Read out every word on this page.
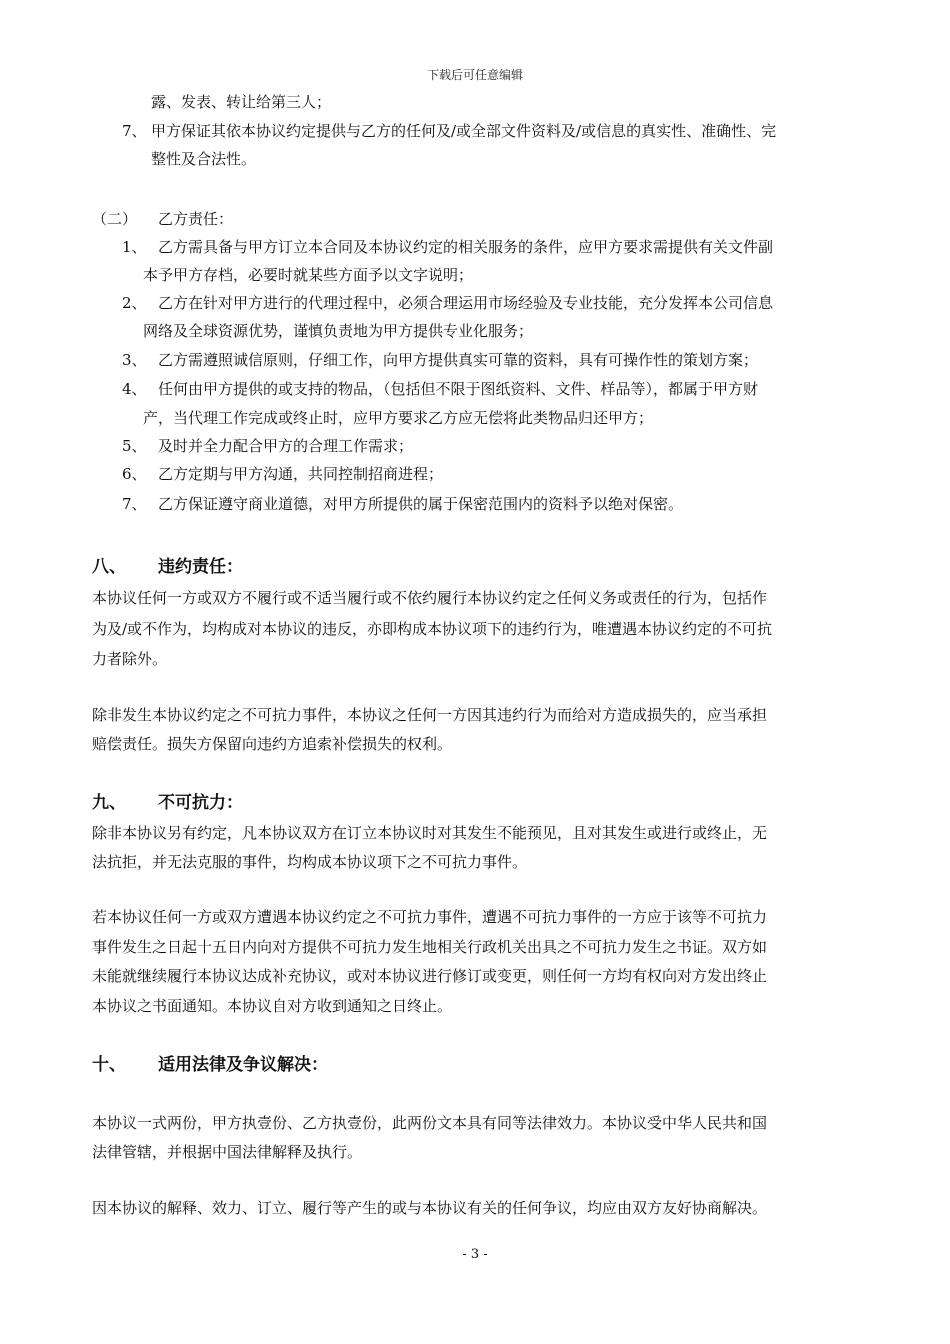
下载后可任意编辑
露、发表、转让给第三人；
7、 甲方保证其依本协议约定提供与乙方的任何及/或全部文件资料及/或信息的真实性、准确性、完
整性及合法性。
（二） 乙方责任：
1、 乙方需具备与甲方订立本合同及本协议约定的相关服务的条件，应甲方要求需提供有关文件副
本予甲方存档，必要时就某些方面予以文字说明；
2、 乙方在针对甲方进行的代理过程中，必须合理运用市场经验及专业技能，充分发挥本公司信息
网络及全球资源优势，谨慎负责地为甲方提供专业化服务；
3、 乙方需遵照诚信原则，仔细工作，向甲方提供真实可靠的资料，具有可操作性的策划方案；
4、 任何由甲方提供的或支持的物品，（包括但不限于图纸资料、文件、样品等），都属于甲方财
产，当代理工作完成或终止时，应甲方要求乙方应无偿将此类物品归还甲方；
5、 及时并全力配合甲方的合理工作需求；
6、 乙方定期与甲方沟通，共同控制招商进程；
7、 乙方保证遵守商业道德，对甲方所提供的属于保密范围内的资料予以绝对保密。
八、 违约责任：
本协议任何一方或双方不履行或不适当履行或不依约履行本协议约定之任何义务或责任的行为，包括作
为及/或不作为，均构成对本协议的违反，亦即构成本协议项下的违约行为，唯遭遇本协议约定的不可抗
力者除外。
除非发生本协议约定之不可抗力事件，本协议之任何一方因其违约行为而给对方造成损失的，应当承担
赔偿责任。损失方保留向违约方追索补偿损失的权利。
九、 不可抗力：
除非本协议另有约定，凡本协议双方在订立本协议时对其发生不能预见，且对其发生或进行或终止，无
法抗拒，并无法克服的事件，均构成本协议项下之不可抗力事件。
若本协议任何一方或双方遭遇本协议约定之不可抗力事件，遭遇不可抗力事件的一方应于该等不可抗力
事件发生之日起十五日内向对方提供不可抗力发生地相关行政机关出具之不可抗力发生之书证。双方如
未能就继续履行本协议达成补充协议，或对本协议进行修订或变更，则任何一方均有权向对方发出终止
本协议之书面通知。本协议自对方收到通知之日终止。
十、 适用法律及争议解决：
本协议一式两份，甲方执壹份、乙方执壹份，此两份文本具有同等法律效力。本协议受中华人民共和国
法律管辖，并根据中国法律解释及执行。
因本协议的解释、效力、订立、履行等产生的或与本协议有关的任何争议，均应由双方友好协商解决。
- 3 -
